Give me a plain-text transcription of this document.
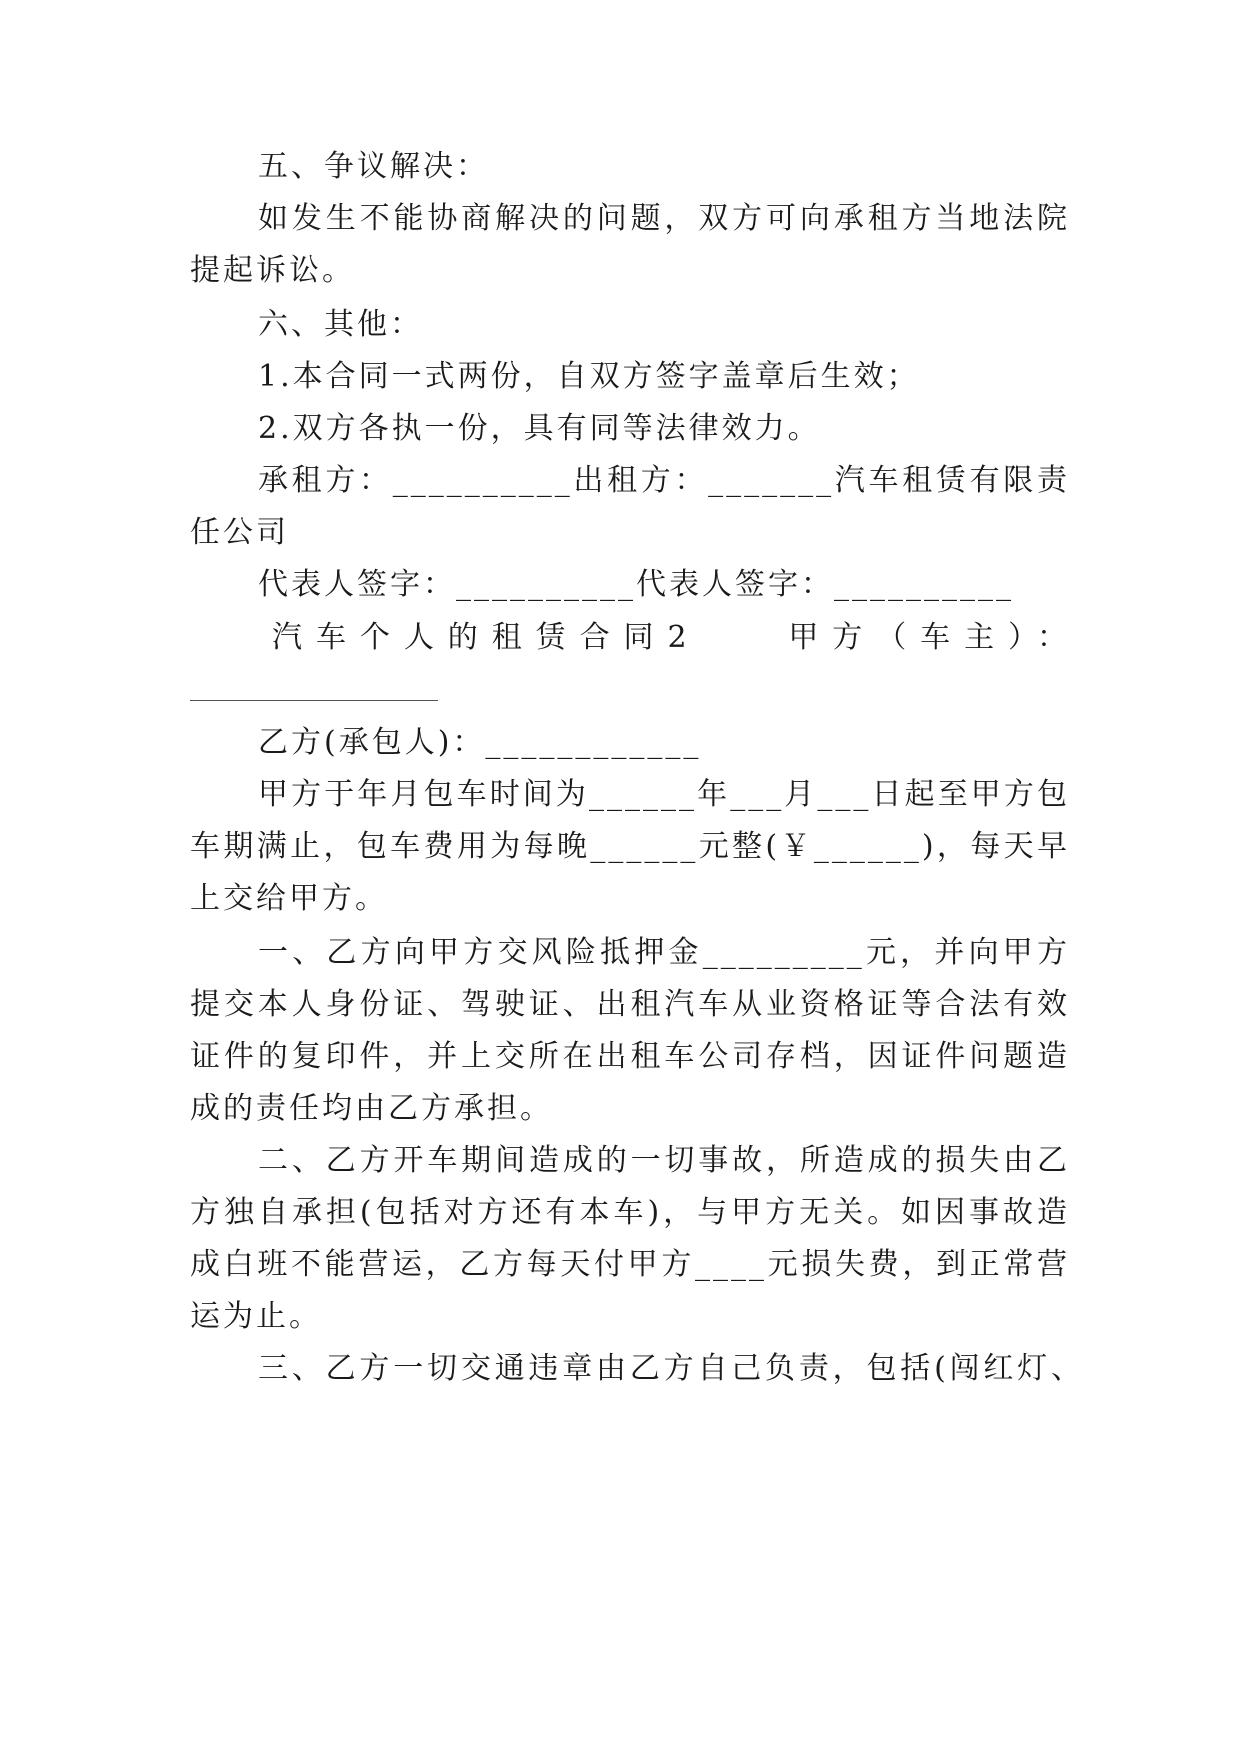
五、争议解决：
如发生不能协商解决的问题，双方可向承租方当地法院
提起诉讼。
六、其他：
1.本合同一式两份，自双方签字盖章后生效；
2.双方各执一份，具有同等法律效力。
承租方：__________出租方：_______汽车租赁有限责
任公司
代表人签字：__________代表人签字：__________
汽车个人的租赁合同2　　甲方（车主）：
乙方(承包人)：____________
甲方于年月包车时间为______年___月___日起至甲方包
车期满止，包车费用为每晚______元整(￥______)，每天早
上交给甲方。
一、乙方向甲方交风险抵押金_________元，并向甲方
提交本人身份证、驾驶证、出租汽车从业资格证等合法有效
证件的复印件，并上交所在出租车公司存档，因证件问题造
成的责任均由乙方承担。
二、乙方开车期间造成的一切事故，所造成的损失由乙
方独自承担(包括对方还有本车)，与甲方无关。如因事故造
成白班不能营运，乙方每天付甲方____元损失费，到正常营
运为止。
三、乙方一切交通违章由乙方自己负责，包括(闯红灯、
